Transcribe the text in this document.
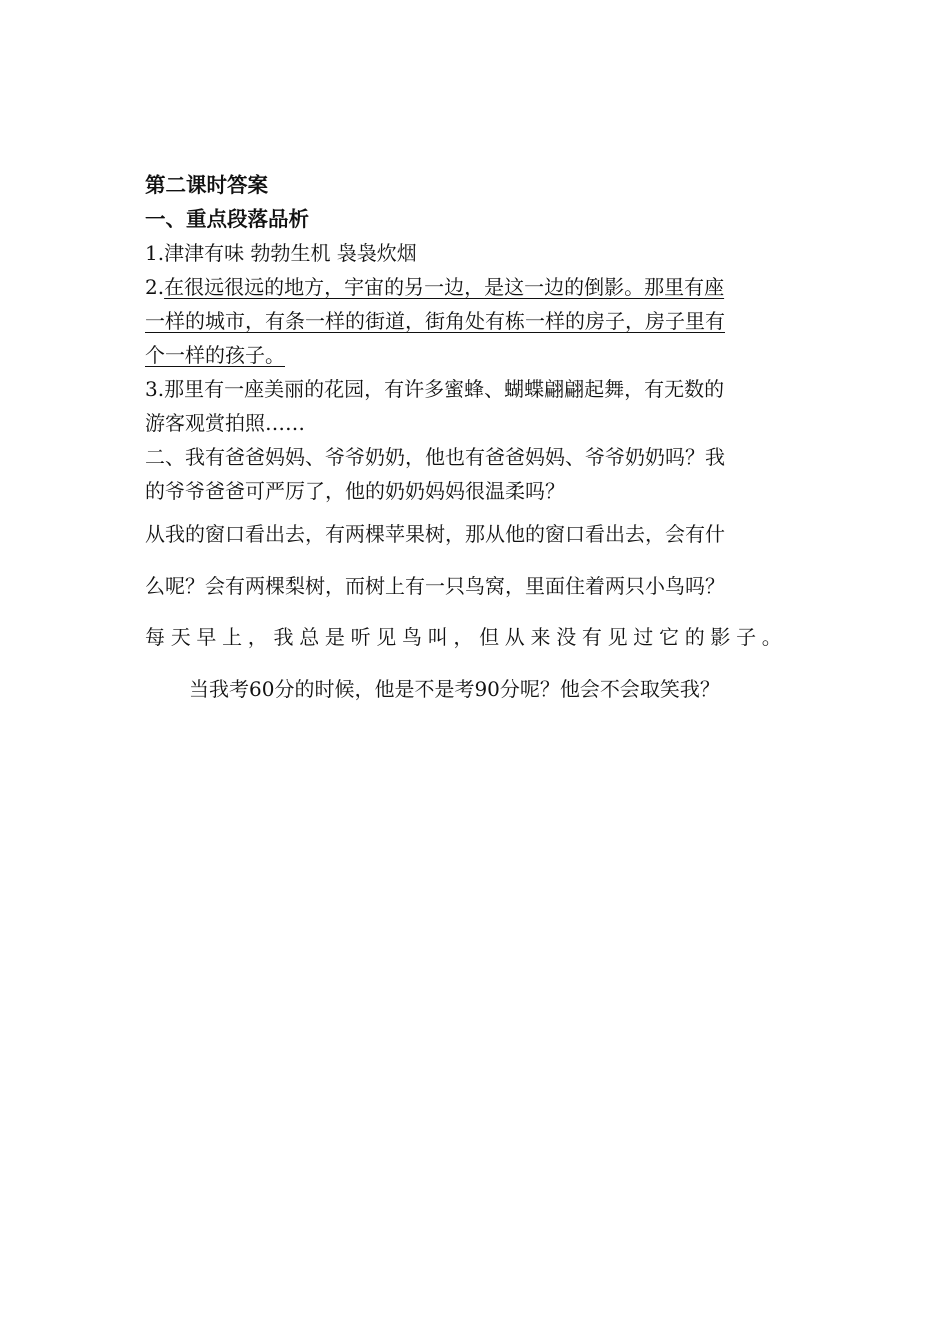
第二课时答案
一、重点段落品析
1.津津有味 勃勃生机 袅袅炊烟
2.在很远很远的地方，宇宙的另一边，是这一边的倒影。那里有座
一样的城市，有条一样的街道，街角处有栋一样的房子，房子里有
个一样的孩子。
3.那里有一座美丽的花园，有许多蜜蜂、蝴蝶翩翩起舞，有无数的
游客观赏拍照……
二、我有爸爸妈妈、爷爷奶奶，他也有爸爸妈妈、爷爷奶奶吗？我
的爷爷爸爸可严厉了，他的奶奶妈妈很温柔吗？
从我的窗口看出去，有两棵苹果树，那从他的窗口看出去，会有什
么呢？会有两棵梨树，而树上有一只鸟窝，里面住着两只小鸟吗？
每天早上，我总是听见鸟叫，但从来没有见过它的影子。
当我考60分的时候，他是不是考90分呢？他会不会取笑我？
